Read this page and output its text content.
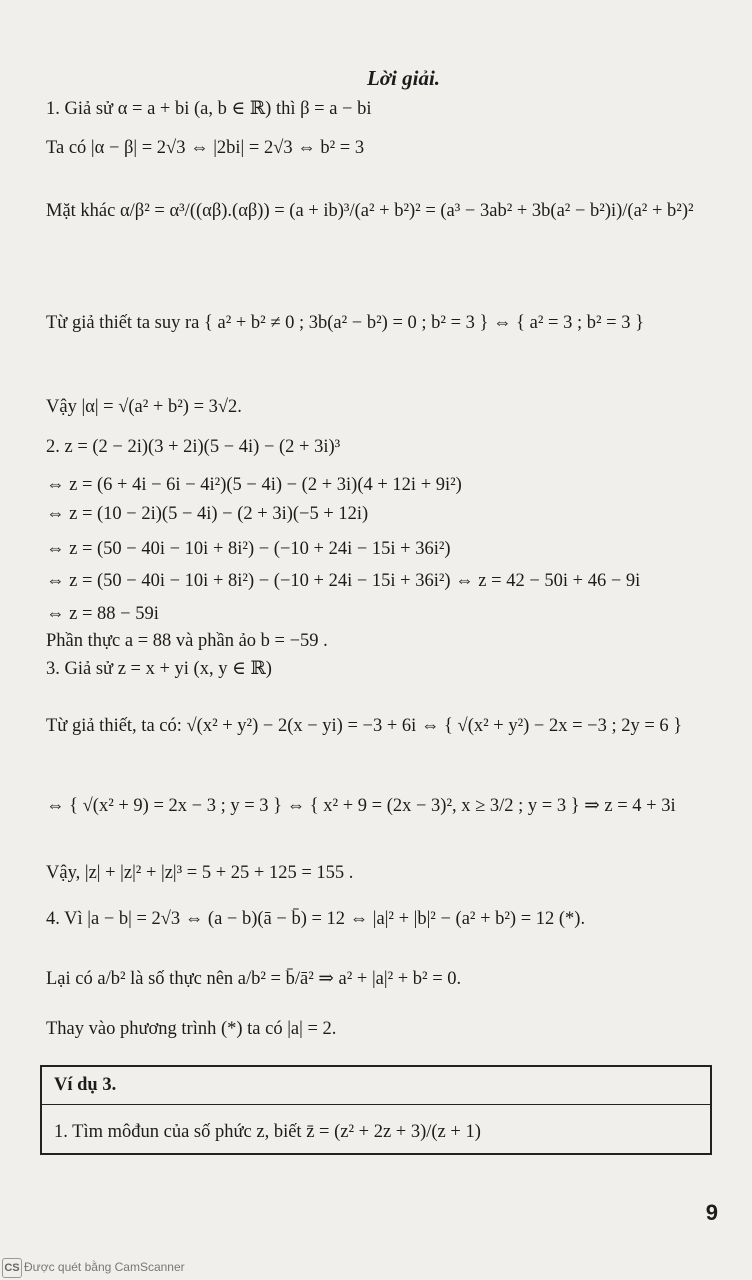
Lời giải.
1. Giả sử α = a + bi (a, b ∈ ℝ) thì β = a − bi
Ta có |α − β| = 2√3 ⇔ |2bi| = 2√3 ⇔ b² = 3
Mặt khác α/β² = α³/((αβ).(αβ)) = (a + ib)³/(a² + b²)² = (a³ − 3ab² + 3b(a² − b²)i)/(a² + b²)²
Từ giả thiết ta suy ra { a² + b² ≠ 0 ; 3b(a² − b²) = 0 ; b² = 3 } ⇔ { a² = 3 ; b² = 3 }
Vậy |α| = √(a² + b²) = 3√2.
2. z = (2 − 2i)(3 + 2i)(5 − 4i) − (2 + 3i)³
⇔ z = (6 + 4i − 6i − 4i²)(5 − 4i) − (2 + 3i)(4 + 12i + 9i²)
⇔ z = (10 − 2i)(5 − 4i) − (2 + 3i)(−5 + 12i)
⇔ z = (50 − 40i − 10i + 8i²) − (−10 + 24i − 15i + 36i²)
⇔ z = (50 − 40i − 10i + 8i²) − (−10 + 24i − 15i + 36i²) ⇔ z = 42 − 50i + 46 − 9i
⇔ z = 88 − 59i
Phần thực a = 88 và phần ảo b = −59 .
3. Giả sử z = x + yi (x, y ∈ ℝ)
Từ giả thiết, ta có: √(x² + y²) − 2(x − yi) = −3 + 6i ⇔ { √(x² + y²) − 2x = −3 ; 2y = 6 }
⇔ { √(x² + 9) = 2x − 3 ; y = 3 } ⇔ { x² + 9 = (2x − 3)², x ≥ 3/2 ; y = 3 } ⇒ z = 4 + 3i
Vậy, |z| + |z|² + |z|³ = 5 + 25 + 125 = 155 .
4. Vì |a − b| = 2√3 ⇔ (a − b)(ā − b̄) = 12 ⇔ |a|² + |b|² − (a² + b²) = 12 (*).
Lại có a/b² là số thực nên a/b² = b̄/ā² ⇒ a² + |a|² + b² = 0.
Thay vào phương trình (*) ta có |a| = 2.
Ví dụ 3.
1. Tìm môđun của số phức z, biết z̄ = (z² + 2z + 3)/(z + 1)
9
CS Được quét bằng CamScanner
